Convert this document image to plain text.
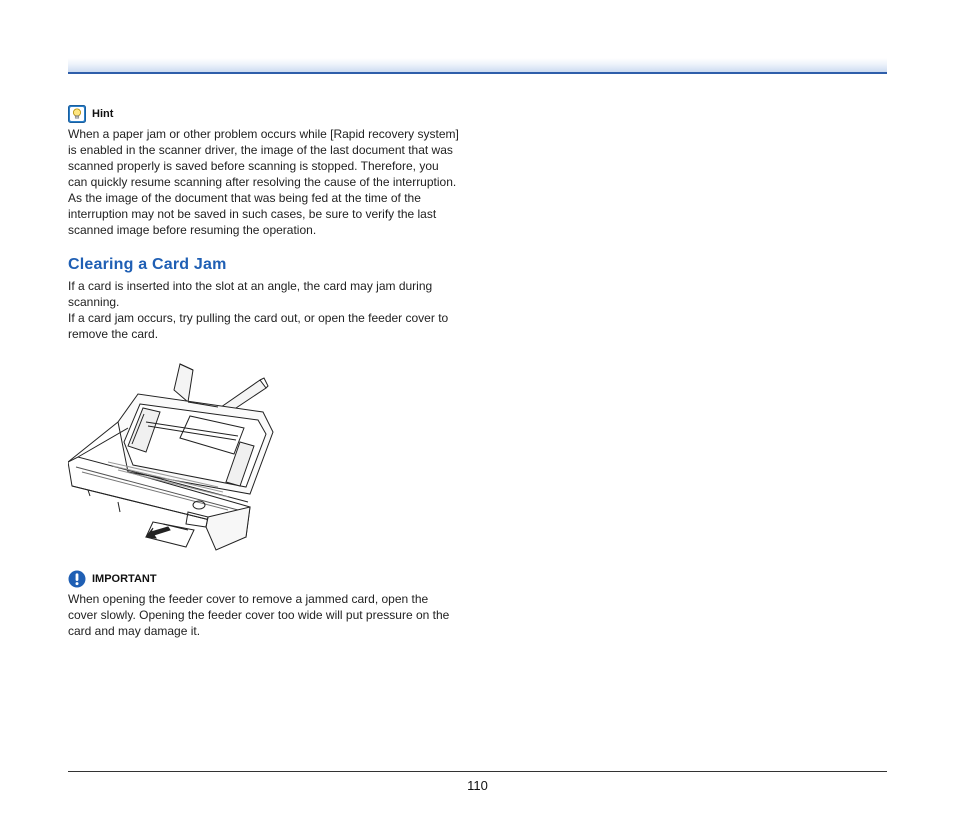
Hint

When a paper jam or other problem occurs while [Rapid recovery system] is enabled in the scanner driver, the image of the last document that was scanned properly is saved before scanning is stopped. Therefore, you can quickly resume scanning after resolving the cause of the interruption. As the image of the document that was being fed at the time of the interruption may not be saved in such cases, be sure to verify the last scanned image before resuming the operation.

Clearing a Card Jam

If a card is inserted into the slot at an angle, the card may jam during scanning.

If a card jam occurs, try pulling the card out, or open the feeder cover to remove the card.

IMPORTANT

When opening the feeder cover to remove a jammed card, open the cover slowly. Opening the feeder cover too wide will put pressure on the card and may damage it.

110
